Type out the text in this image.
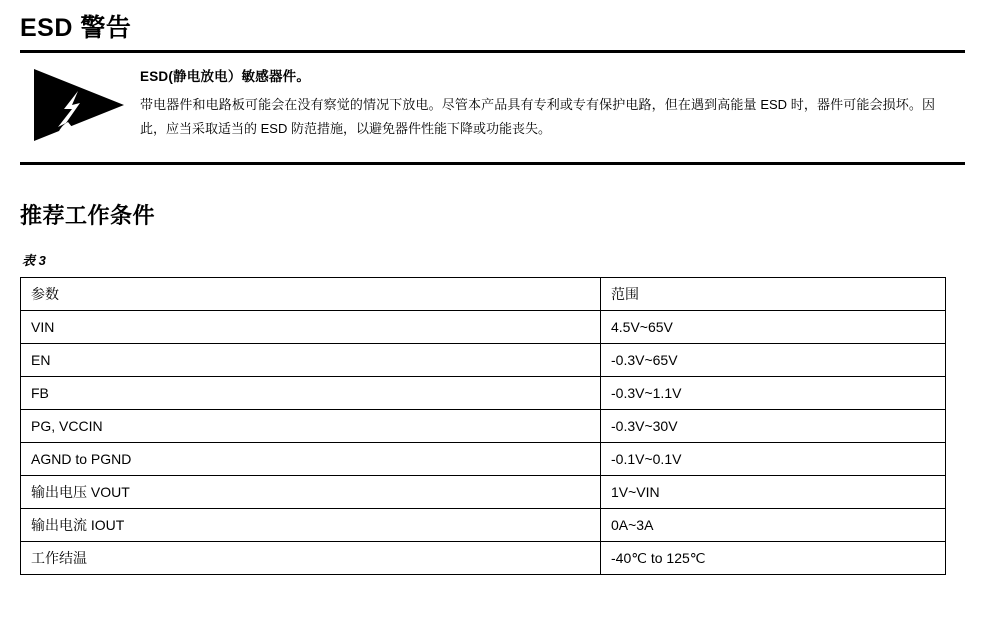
ESD 警告
ESD(静电放电）敏感器件。
带电器件和电路板可能会在没有察觉的情况下放电。尽管本产品具有专利或专有保护电路，但在遇到高能量 ESD 时，器件可能会损坏。因此，应当采取适当的 ESD 防范措施，以避免器件性能下降或功能丧失。
推荐工作条件
表 3
参数	范围
VIN	4.5V~65V
EN	-0.3V~65V
FB	-0.3V~1.1V
PG, VCCIN	-0.3V~30V
AGND to PGND	-0.1V~0.1V
输出电压 VOUT	1V~VIN
输出电流 IOUT	0A~3A
工作结温	-40℃ to 125℃
